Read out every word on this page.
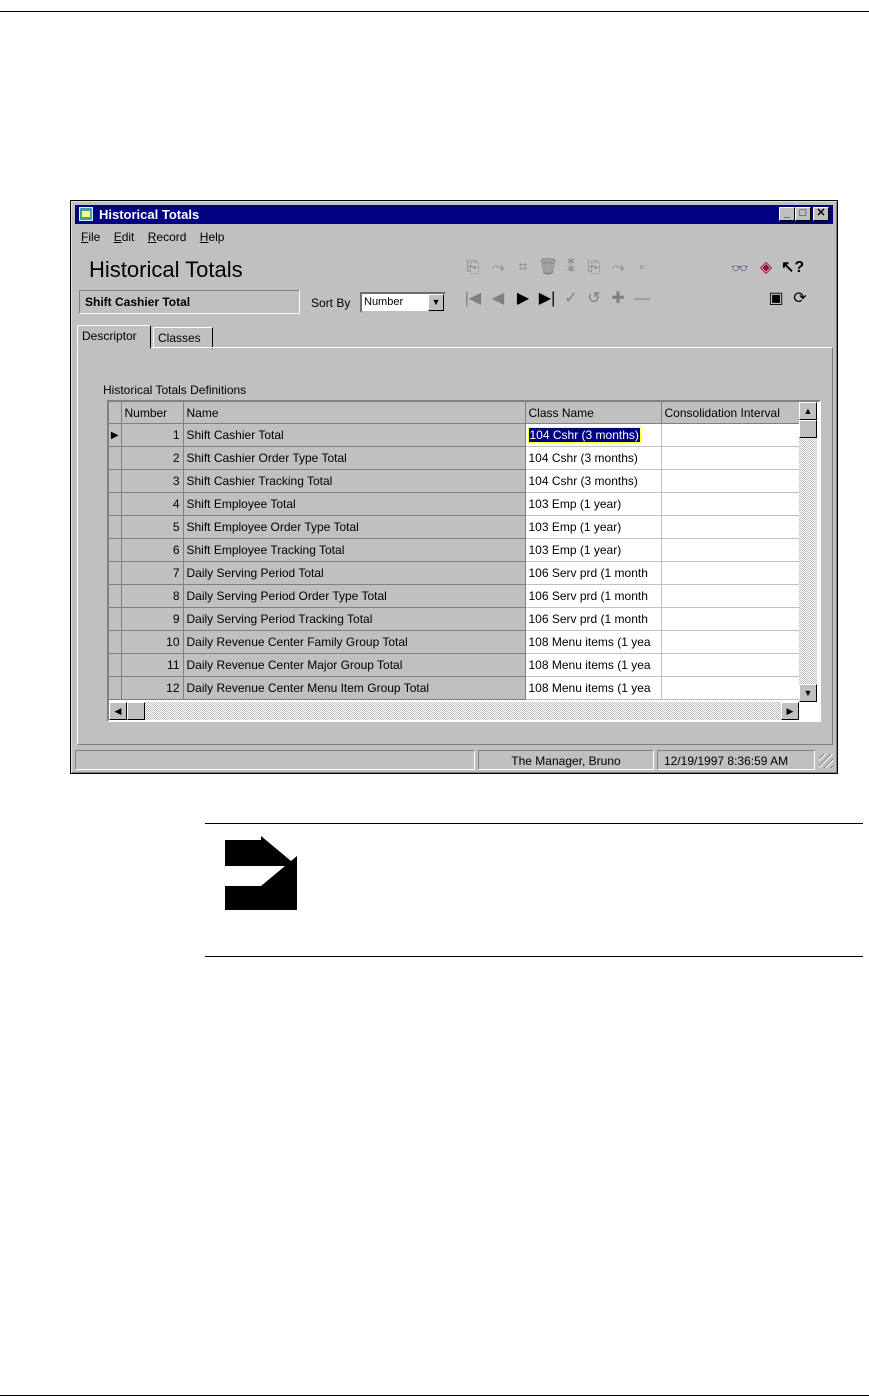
Historical Totals	_ □ ✕
File Edit Record Help
Historical Totals
Shift Cashier Total	Sort By	Number	▼
⎘ ⤳ ⌗ 🗑 ⁑ ⎘ ⤳ ◦	👓 ◈ ↖?
|◀ ◀ ▶ ▶| ✓ ↺ ✚ —	▣ ⟳
Descriptor	Classes
Historical Totals Definitions
	Number	Name	Class Name	Consolidation Interval
▶	1	Shift Cashier Total	104 Cshr (3 months)	
	2	Shift Cashier Order Type Total	104 Cshr (3 months)	
	3	Shift Cashier Tracking Total	104 Cshr (3 months)	
	4	Shift Employee Total	103 Emp (1 year)	
	5	Shift Employee Order Type Total	103 Emp (1 year)	
	6	Shift Employee Tracking Total	103 Emp (1 year)	
	7	Daily Serving Period Total	106 Serv prd (1 month	
	8	Daily Serving Period Order Type Total	106 Serv prd (1 month	
	9	Daily Serving Period Tracking Total	106 Serv prd (1 month	
	10	Daily Revenue Center Family Group Total	108 Menu items (1 yea	
	11	Daily Revenue Center Major Group Total	108 Menu items (1 yea	
	12	Daily Revenue Center Menu Item Group Total	108 Menu items (1 yea	
▲
▼
◀	▶
The Manager, Bruno	12/19/1997 8:36:59 AM
